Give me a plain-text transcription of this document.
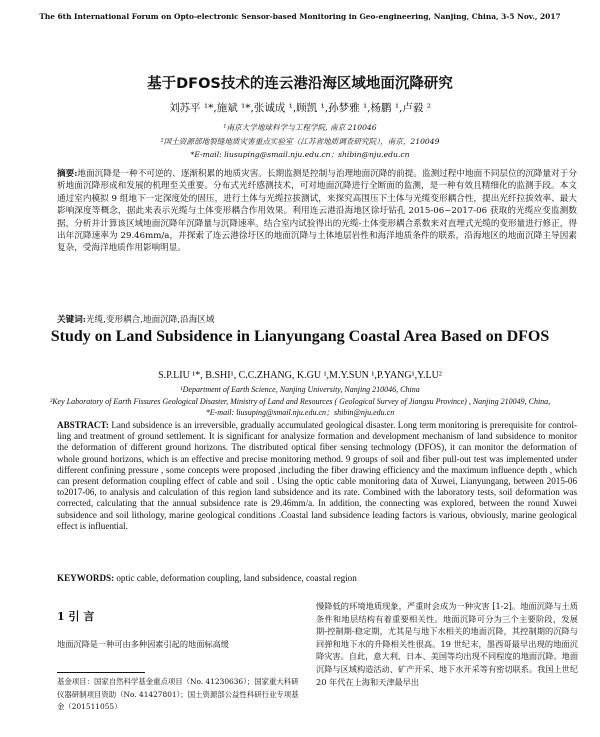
The 6th International Forum on Opto-electronic Sensor-based Monitoring in Geo-engineering, Nanjing, China, 3-5 Nov., 2017
基于DFOS技术的连云港沿海区域地面沉降研究
刘苏平 ¹*,施斌 ¹*,张诚成 ¹,顾凯 ¹,孙梦雅 ¹,杨鹏 ¹,卢毅 ²
¹南京大学地球科学与工程学院, 南京 210046
²国土资源部地裂缝地质灾害重点实验室（江苏省地质调查研究院），南京，210049
*E-mail: liusuping@smail.nju.edu.cn；shibin@nju.edu.cn
摘要:地面沉降是一种不可逆的、逐渐积累的地质灾害。长期监测是控制与治理地面沉降的前提。监测过程中地面不同层位的沉降量对于分析地面沉降形成和发展的机理至关重要。分布式光纤感测技术，可对地面沉降进行全断面的监测，是一种有效且精细化的监测手段。本文通过室内模拟 9 组地下一定深度处的固压，进行土体与光缆拉拔测试，来探究高围压下土体与光缆变形耦合性，提出光纤拉拔效率、最大影响深度等概念，据此来表示光缆与土体变形耦合作用效果。利用连云港沿海地区徐圩钻孔 2015-06~2017-06 获取的光缆应变监测数据，分析并计算该区域地面沉降年沉降量与沉降速率。结合室内试验得出的光缆-土体变形耦合系数来对直埋式光缆的变形量进行修正，得出年沉降速率为 29.46mm/a，并探索了连云港徐圩区的地面沉降与土体地层岩性和海洋地质条件的联系，沿海地区的地面沉降主导因素复杂，受海洋地质作用影响明显。
关键词:光缆,变形耦合,地面沉降,沿海区域
Study on Land Subsidence in Lianyungang Coastal Area Based on DFOS
S.P.LIU ¹*, B.SHI¹, C.C.ZHANG, K.GU ¹,M.Y.SUN ¹,P.YANG¹,Y.LU²
¹Department of Earth Science, Nanjing University, Nanjing 210046, China
²Key Laboratory of Earth Fissures Geological Disaster, Ministry of Land and Resources ( Geological Survey of Jiangsu Province) , Nanjing 210049, China,
*E-mail: liusuping@smail.nju.edu.cn；shibin@nju.edu.cn
ABSTRACT: Land subsidence is an irreversible, gradually accumulated geological disaster. Long term monitoring is prerequisite for control-ling and treatment of ground settlement. It is significant for analysize formation and development mechanism of land subsidence to monitor the deformation of different ground horizons. The distributed optical fiber sensing technology (DFOS), it can monitor the deformation of whole ground horizons, which is an effective and precise monitoring method. 9 groups of soil and fiber pull-out test was implemented under different confining pressure , some concepts were proposed ,including the fiber drawing efficiency and the maximum influence depth , which can present deformation coupling effect of cable and soil . Using the optic cable monitoring data of Xuwei, Lianyungang, between 2015-06 to2017-06, to analysis and calculation of this region land subsidence and its rate. Combined with the laboratory tests, soil deformation was corrected, calculating that the annual subsidence rate is 29.46mm/a. In addition, the connecting was explored, between the round Xuwei subsidence and soil lithology, marine geological conditions .Coastal land subsidence leading factors is various, obviously, marine geological effect is influential.
KEYWORDS: optic cable, deformation coupling, land subsidence, coastal region
1 引 言
地面沉降是一种可由多种因素引起的地面标高缓
基金项目：国家自然科学基金重点项目（No. 41230636）；国家重大科研仪器研制项目资助（No. 41427801）；国土资源部公益性科研行业专项基金（201511055）
慢降低的环境地质现象，严重时会成为一种灾害 [1-2]。地面沉降与土质条件和地层结构有着重要相关性。地面沉降可分为三个主要阶段，发展期-控制期-稳定期，尤其是与地下水相关的地面沉降，其控制期的沉降与回弹和地下水的升降相关性很高。19 世纪末，墨西哥最早出现的地面沉降灾害。自此，意大利、日本、美国等均出现不同程度的地面沉降。地面沉降与区域构造活动、矿产开采、地下水开采等有密切联系。我国上世纪 20 年代在上海和天津最早出
